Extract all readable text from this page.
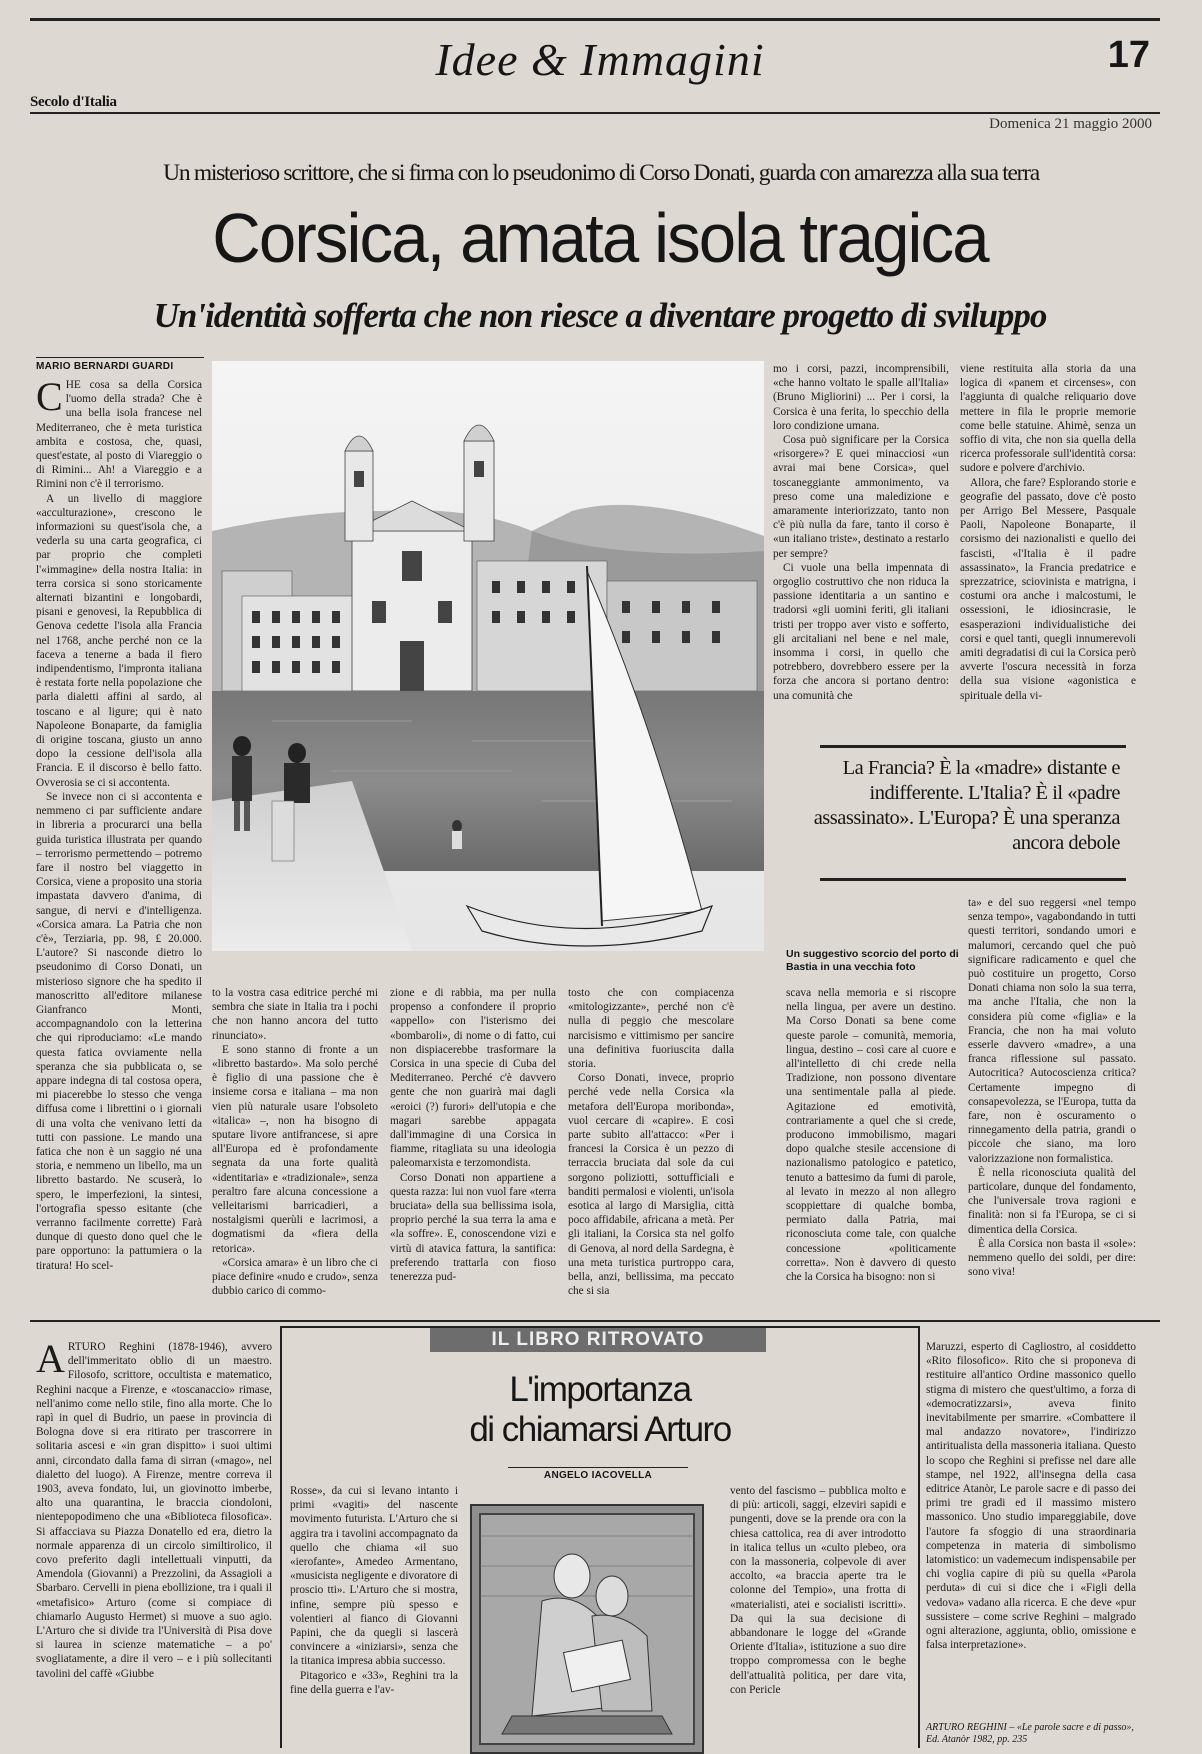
Idee & Immagini	17
Secolo d'Italia
Domenica 21 maggio 2000
Un misterioso scrittore, che si firma con lo pseudonimo di Corso Donati, guarda con amarezza alla sua terra
Corsica, amata isola tragica
Un'identità sofferta che non riesce a diventare progetto di sviluppo
MARIO BERNARDI GUARDI

CHE cosa sa della Corsica l'uomo della strada? Che è una bella isola francese nel Mediterraneo, che è meta turistica ambita e costosa, che, quasi, quest'estate, al posto di Viareggio o di Rimini... Ah! a Viareggio e a Rimini non c'è il terrorismo.

A un livello di maggiore «acculturazione», crescono le informazioni su quest'isola che, a vederla su una carta geografica, ci par proprio che completi l'«immagine» della nostra Italia: in terra corsica si sono storicamente alternati bizantini e longobardi, pisani e genovesi, la Repubblica di Genova cedette l'isola alla Francia nel 1768, anche perché non ce la faceva a tenerne a bada il fiero indipendentismo, l'impronta italiana è restata forte nella popolazione che parla dialetti affini al sardo, al toscano e al ligure; qui è nato Napoleone Bonaparte, da famiglia di origine toscana, giusto un anno dopo la cessione dell'isola alla Francia. E il discorso è bello fatto. Ovverosia se ci si accontenta.

Se invece non ci si accontenta e nemmeno ci par sufficiente andare in libreria a procurarci una bella guida turistica illustrata per quando – terrorismo permettendo – potremo fare il nostro bel viaggetto in Corsica, viene a proposito una storia impastata davvero d'anima, di sangue, di nervi e d'intelligenza. «Corsica amara. La Patria che non c'è», Terziaria, pp. 98, £ 20.000. L'autore? Si nasconde dietro lo pseudonimo di Corso Donati, un misterioso signore che ha spedito il manoscritto all'editore milanese Gianfranco Monti, accompagnandolo con la letterina che qui riproduciamo: «Le mando questa fatica ovviamente nella speranza che sia pubblicata o, se appare indegna di tal costosa opera, mi piacerebbe lo stesso che venga diffusa come i librettini o i giornali di una volta che venivano letti da tutti con passione. Le mando una fatica che non è un saggio né una storia, e nemmeno un libello, ma un libretto bastardo. Ne scuserà, lo spero, le imperfezioni, la sintesi, l'ortografia spesso esitante (che verranno facilmente corrette) Farà dunque di questo dono quel che le pare opportuno: la pattumiera o la tiratura! Ho scel-

to la vostra casa editrice perché mi sembra che siate in Italia tra i pochi che non hanno ancora del tutto rinunciato».

E sono stanno di fronte a un «libretto bastardo». Ma solo perché è figlio di una passione che è insieme corsa e italiana – ma non vien più naturale usare l'obsoleto «italica» –, non ha bisogno di sputare livore antifrancese, si apre all'Europa ed è profondamente segnata da una forte qualità «identitaria» e «tradizionale», senza peraltro fare alcuna concessione a velleitarismi barricadieri, a nostalgismi querùli e lacrimosi, a dogmatismi da «fiera della retorica».

«Corsica amara» è un libro che ci piace definire «nudo e crudo», senza dubbio carico di commo-

zione e di rabbia, ma per nulla propenso a confondere il proprio «appello» con l'isterismo dei «bombaroli», di nome o di fatto, cui non dispiacerebbe trasformare la Corsica in una specie di Cuba del Mediterraneo. Perché c'è davvero gente che non guarirà mai dagli «eroici (?) furori» dell'utopia e che magari sarebbe appagata dall'immagine di una Corsica in fiamme, ritagliata su una ideologia paleomarxista e terzomondista.

Corso Donati non appartiene a questa razza: lui non vuol fare «terra bruciata» della sua bellissima isola, proprio perché la sua terra la ama e «la soffre». E, conoscendone vizi e virtù di atavica fattura, la santifica: preferendo trattarla con fioso tenerezza pud-

tosto che con compiacenza «mitologizzante», perché non c'è nulla di peggio che mescolare narcisismo e vittimismo per sancire una definitiva fuoriuscita dalla storia.

Corso Donati, invece, proprio perché vede nella Corsica «la metafora dell'Europa moribonda», vuol cercare di «capire». E così parte subito all'attacco: «Per i francesi la Corsica è un pezzo di terraccia bruciata dal sole da cui sorgono poliziotti, sottufficiali e banditi permalosi e violenti, un'isola esotica al largo di Marsiglia, città poco affidabile, africana a metà. Per gli italiani, la Corsica sta nel golfo di Genova, al nord della Sardegna, è una meta turistica purtroppo cara, bella, anzi, bellissima, ma peccato che si sia

mo i corsi, pazzi, incomprensibili, «che hanno voltato le spalle all'Italia» (Bruno Migliorini) ... Per i corsi, la Corsica è una ferita, lo specchio della loro condizione umana.

Cosa può significare per la Corsica «risorgere»? E quei minacciosi «un avrai mai bene Corsica», quel toscaneggiante ammonimento, va preso come una maledizione e amaramente interiorizzato, tanto non c'è più nulla da fare, tanto il corso è «un italiano triste», destinato a restarlo per sempre?

Ci vuole una bella impennata di orgoglio costruttivo che non riduca la passione identitaria a un santino e tradorsi «gli uomini feriti, gli italiani tristi per troppo aver visto e sofferto, gli arcitaliani nel bene e nel male, insomma i corsi, in quello che potrebbero, dovrebbero essere per la forza che ancora si portano dentro: una comunità che

viene restituita alla storia da una logica di «panem et circenses», con l'aggiunta di qualche reliquario dove mettere in fila le proprie memorie come belle statuine. Ahimè, senza un soffio di vita, che non sia quella della ricerca professorale sull'identità corsa: sudore e polvere d'archivio.

Allora, che fare? Esplorando storie e geografie del passato, dove c'è posto per Arrigo Bel Messere, Pasquale Paoli, Napoleone Bonaparte, il corsismo dei nazionalisti e quello dei fascisti, «l'Italia è il padre assassinato», la Francia predatrice e sprezzatrice, sciovinista e matrigna, i costumi ora anche i malcostumi, le ossessioni, le idiosincrasie, le esasperazioni individualistiche dei corsi e quel tanti, quegli innumerevoli amiti degradatisi di cui la Corsica però avverte l'oscura necessità in forza della sua visione «agonistica e spirituale della vi-

La Francia? È la «madre» distante e indifferente. L'Italia? È il «padre assassinato». L'Europa? È una speranza ancora debole
Un suggestivo scorcio del porto di Bastia in una vecchia foto

scava nella memoria e si riscopre nella lingua, per avere un destino. Ma Corso Donati sa bene come queste parole – comunità, memoria, lingua, destino – così care al cuore e all'intelletto di chi crede nella Tradizione, non possono diventare una sentimentale palla al piede. Agitazione ed emotività, contrariamente a quel che si crede, producono immobilismo, magari dopo qualche stesile accensione di nazionalismo patologico e patetico, tenuto a battesimo da fumi di parole, al levato in mezzo al non allegro scoppiettare di qualche bomba, permiato dalla Patria, mai riconosciuta come tale, con qualche concessione «politicamente corretta». Non è davvero di questo che la Corsica ha bisogno: non si

ta» e del suo reggersi «nel tempo senza tempo», vagabondando in tutti questi territori, sondando umori e malumori, cercando quel che può significare radicamento e quel che può costituire un progetto, Corso Donati chiama non solo la sua terra, ma anche l'Italia, che non la considera più come «figlia» e la Francia, che non ha mai voluto esserle davvero «madre», a una franca riflessione sul passato. Autocritica? Autocoscienza critica? Certamente impegno di consapevolezza, se l'Europa, tutta da fare, non è oscuramento o rinnegamento della patria, grandi o piccole che siano, ma loro valorizzazione non formalistica.

È nella riconosciuta qualità del particolare, dunque del fondamento, che l'universale trova ragioni e finalità: non si fa l'Europa, se ci si dimentica della Corsica.

È alla Corsica non basta il «sole»: nemmeno quello dei soldi, per dire: sono viva!

IL LIBRO RITROVATO
L'importanza
di chiamarsi Arturo
ANGELO IACOVELLA

ARTURO Reghini (1878-1946), avvero dell'immeritato oblio di un maestro. Filosofo, scrittore, occultista e matematico, Reghini nacque a Firenze, e «toscanaccio» rimase, nell'animo come nello stile, fino alla morte. Che lo rapì in quel di Budrio, un paese in provincia di Bologna dove si era ritirato per trascorrere in solitaria ascesi e «in gran dispitto» i suoi ultimi anni, circondato dalla fama di sirran («mago», nel dialetto del luogo). A Firenze, mentre correva il 1903, aveva fondato, lui, un giovinotto imberbe, alto una quarantina, le braccia ciondoloni, nientepopodimeno che una «Biblioteca filosofica». Si affacciava su Piazza Donatello ed era, dietro la normale apparenza di un circolo similtirolico, il covo preferito dagli intellettuali vinputti, da Amendola (Giovanni) a Prezzolini, da Assagioli a Sbarbaro. Cervelli in piena ebollizione, tra i quali il «metafisico» Arturo (come si compiace di chiamarlo Augusto Hermet) si muove a suo agio. L'Arturo che si divide tra l'Università di Pisa dove si laurea in scienze matematiche – a po' svogliatamente, a dire il vero – e i più sollecitanti tavolini del caffè «Giubbe

Rosse», da cui si levano intanto i primi «vagiti» del nascente movimento futurista. L'Arturo che si aggira tra i tavolini accompagnato da quello che chiama «il suo «ierofante», Amedeo Armentano, «musicista negligente e divoratore di proscio tti». L'Arturo che si mostra, infine, sempre più spesso e volentieri al fianco di Giovanni Papini, che da quegli si lascerà convincere a «iniziarsi», senza che la titanica impresa abbia successo.

Pitagorico e «33», Reghini tra la fine della guerra e l'av-

vento del fascismo – pubblica molto e di più: articoli, saggi, elzeviri sapidi e pungenti, dove se la prende ora con la chiesa cattolica, rea di aver introdotto in italica tellus un «culto plebeo, ora con la massoneria, colpevole di aver accolto, «a braccia aperte tra le colonne del Tempio», una frotta di «materialisti, atei e socialisti iscritti». Da qui la sua decisione di abbandonare le logge del «Grande Oriente d'Italia», istituzione a suo dire troppo compromessa con le beghe dell'attualità politica, per dare vita, con Pericle

Maruzzi, esperto di Cagliostro, al cosiddetto «Rito filosofico». Rito che si proponeva di restituire all'antico Ordine massonico quello stigma di mistero che quest'ultimo, a forza di «democratizzarsi», aveva finito inevitabilmente per smarrire. «Combattere il mal andazzo novatore», l'indirizzo antiritualista della massoneria italiana. Questo lo scopo che Reghini si prefisse nel dare alle stampe, nel 1922, all'insegna della casa editrice Atanòr, Le parole sacre e di passo dei primi tre gradi ed il massimo mistero massonico. Uno studio impareggiabile, dove l'autore fa sfoggio di una straordinaria competenza in materia di simbolismo latomistico: un vademecum indispensabile per chi voglia capire di più su quella «Parola perduta» di cui si dice che i «Figli della vedova» vadano alla ricerca. E che deve «pur sussistere – come scrive Reghini – malgrado ogni alterazione, aggiunta, oblio, omissione e falsa interpretazione».

ARTURO REGHINI – «Le parole sacre e di passo», Ed. Atanòr 1982, pp. 235
